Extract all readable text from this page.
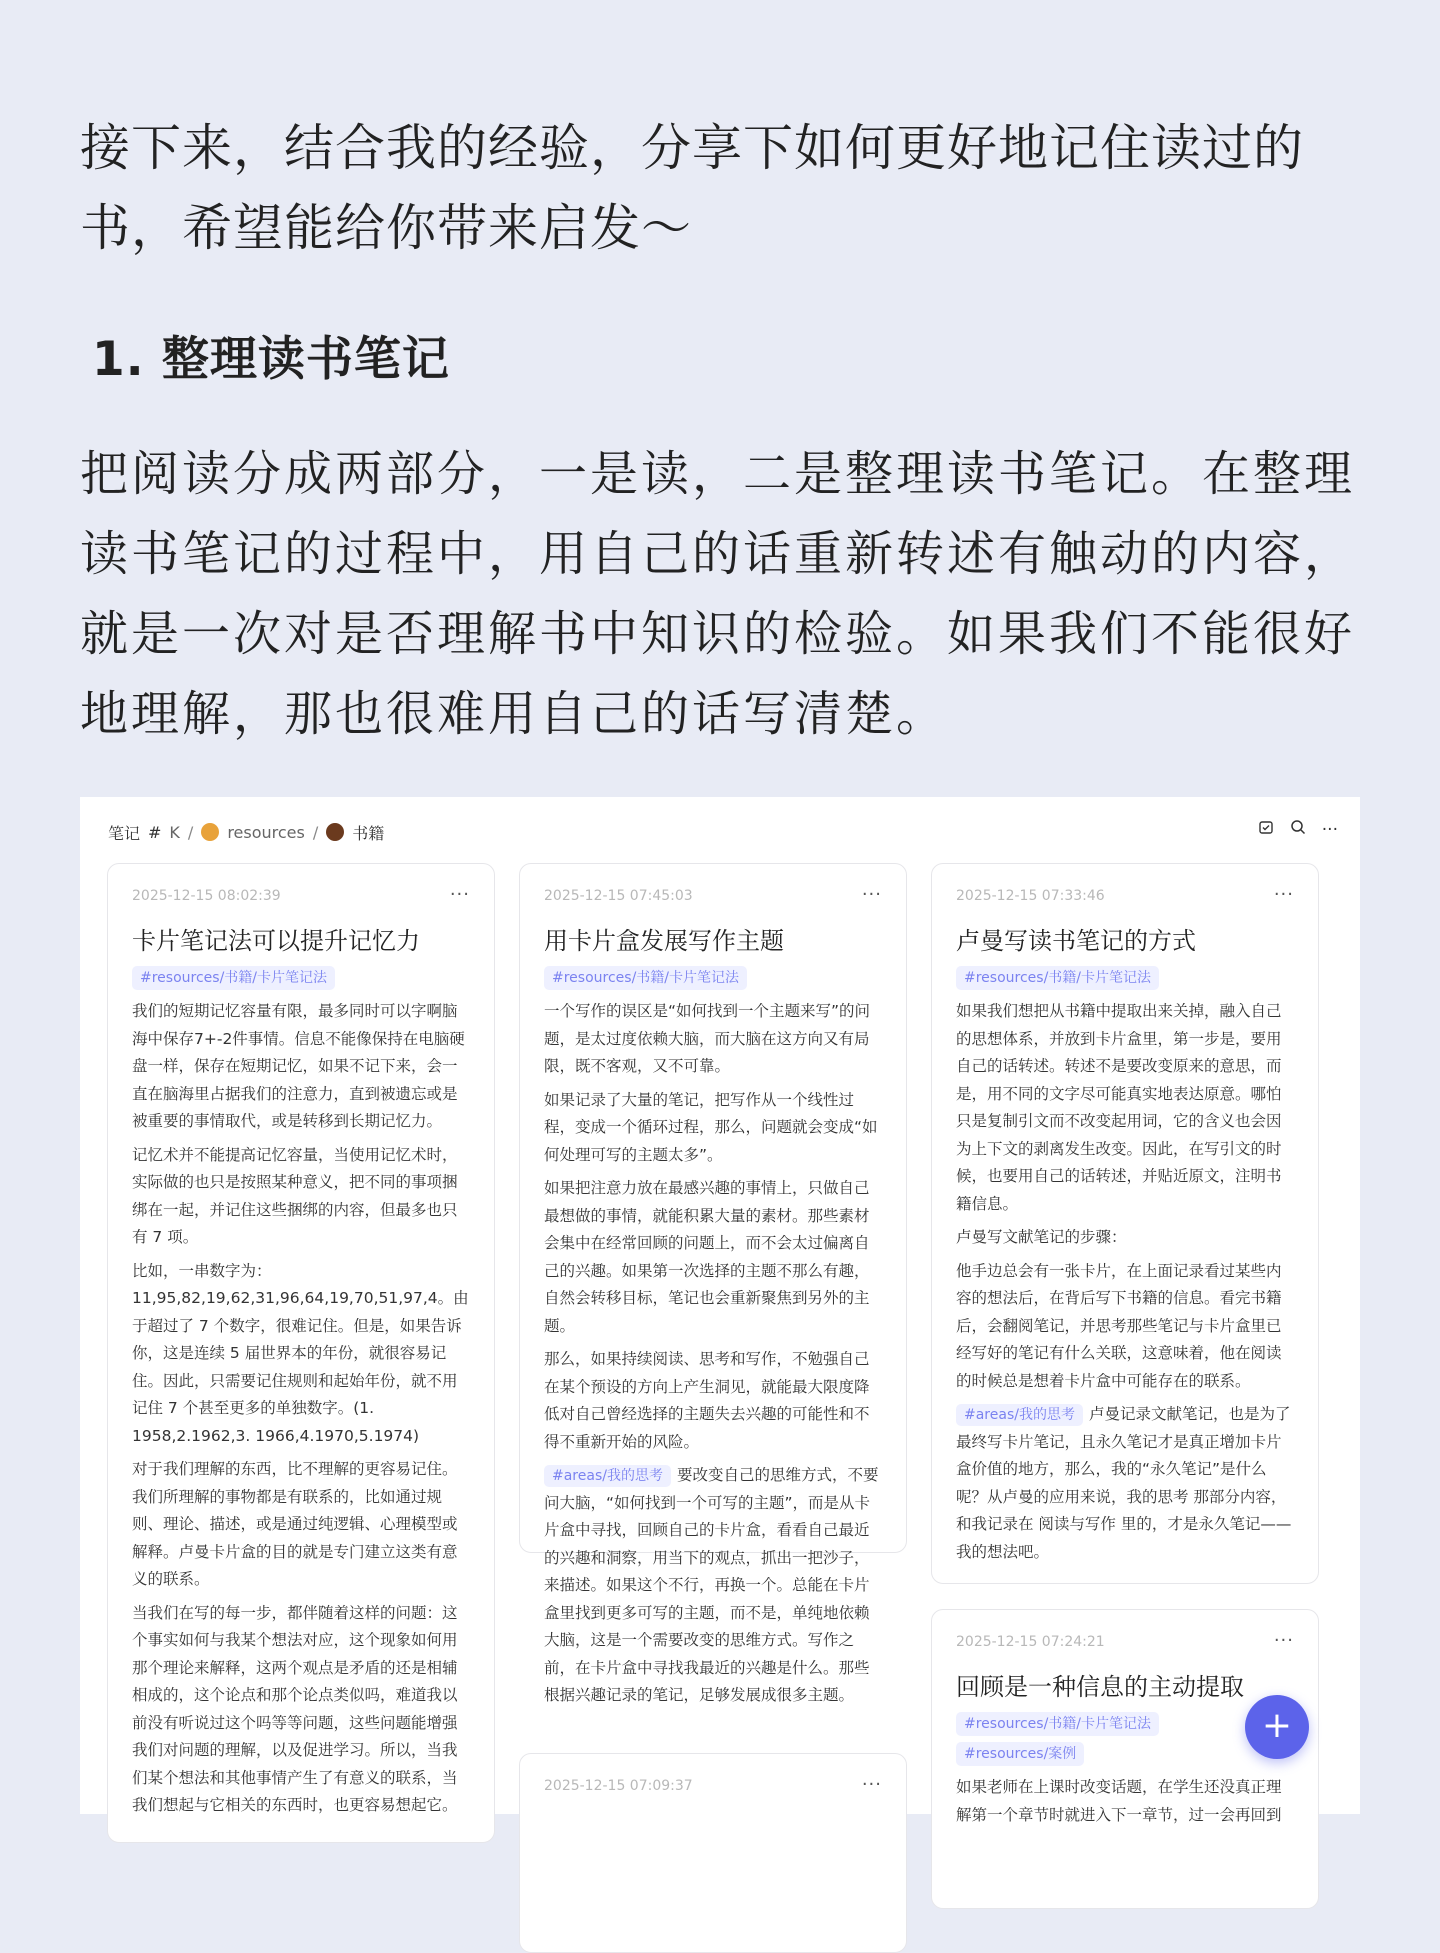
接下来，结合我的经验，分享下如何更好地记住读过的书，希望能给你带来启发～
1. 整理读书笔记
把阅读分成两部分，一是读，二是整理读书笔记。在整理读书笔记的过程中，用自己的话重新转述有触动的内容，就是一次对是否理解书中知识的检验。如果我们不能很好地理解，那也很难用自己的话写清楚。
笔记 # K / resources / 书籍	···
2025-12-15 08:02:39	···
卡片笔记法可以提升记忆力
#resources/书籍/卡片笔记法

我们的短期记忆容量有限，最多同时可以字啊脑海中保存7+-2件事情。信息不能像保持在电脑硬盘一样，保存在短期记忆，如果不记下来，会一直在脑海里占据我们的注意力，直到被遗忘或是被重要的事情取代，或是转移到长期记忆力。

记忆术并不能提高记忆容量，当使用记忆术时，实际做的也只是按照某种意义，把不同的事项捆绑在一起，并记住这些捆绑的内容，但最多也只有 7 项。

比如，一串数字为：11,95,82,19,62,31,96,64,19,70,51,97,4。由于超过了 7 个数字，很难记住。但是，如果告诉你，这是连续 5 届世界本的年份，就很容易记住。因此，只需要记住规则和起始年份，就不用记住 7 个甚至更多的单独数字。(1. 1958,2.1962,3. 1966,4.1970,5.1974)

对于我们理解的东西，比不理解的更容易记住。我们所理解的事物都是有联系的，比如通过规则、理论、描述，或是通过纯逻辑、心理模型或解释。卢曼卡片盒的目的就是专门建立这类有意义的联系。

当我们在写的每一步，都伴随着这样的问题：这个事实如何与我某个想法对应，这个现象如何用那个理论来解释，这两个观点是矛盾的还是相辅相成的，这个论点和那个论点类似吗，难道我以前没有听说过这个吗等等问题，这些问题能增强我们对问题的理解，以及促进学习。所以，当我们某个想法和其他事情产生了有意义的联系，当我们想起与它相关的东西时，也更容易想起它。

2025-12-15 07:45:03	···
用卡片盒发展写作主题
#resources/书籍/卡片笔记法

一个写作的误区是“如何找到一个主题来写”的问题，是太过度依赖大脑，而大脑在这方向又有局限，既不客观，又不可靠。

如果记录了大量的笔记，把写作从一个线性过程，变成一个循环过程，那么，问题就会变成“如何处理可写的主题太多”。

如果把注意力放在最感兴趣的事情上，只做自己最想做的事情，就能积累大量的素材。那些素材会集中在经常回顾的问题上，而不会太过偏离自己的兴趣。如果第一次选择的主题不那么有趣，自然会转移目标，笔记也会重新聚焦到另外的主题。

那么，如果持续阅读、思考和写作，不勉强自己在某个预设的方向上产生洞见，就能最大限度降低对自己曾经选择的主题失去兴趣的可能性和不得不重新开始的风险。

#areas/我的思考 要改变自己的思维方式，不要问大脑，“如何找到一个可写的主题”，而是从卡片盒中寻找，回顾自己的卡片盒，看看自己最近的兴趣和洞察，用当下的观点，抓出一把沙子，来描述。如果这个不行，再换一个。总能在卡片盒里找到更多可写的主题，而不是，单纯地依赖大脑，这是一个需要改变的思维方式。写作之前，在卡片盒中寻找我最近的兴趣是什么。那些根据兴趣记录的笔记，足够发展成很多主题。

2025-12-15 07:09:37	···
2025-12-15 07:33:46	···
卢曼写读书笔记的方式
#resources/书籍/卡片笔记法

如果我们想把从书籍中提取出来关掉，融入自己的思想体系，并放到卡片盒里，第一步是，要用自己的话转述。转述不是要改变原来的意思，而是，用不同的文字尽可能真实地表达原意。哪怕只是复制引文而不改变起用词，它的含义也会因为上下文的剥离发生改变。因此，在写引文的时候，也要用自己的话转述，并贴近原文，注明书籍信息。

卢曼写文献笔记的步骤：

他手边总会有一张卡片，在上面记录看过某些内容的想法后，在背后写下书籍的信息。看完书籍后，会翻阅笔记，并思考那些笔记与卡片盒里已经写好的笔记有什么关联，这意味着，他在阅读的时候总是想着卡片盒中可能存在的联系。

#areas/我的思考 卢曼记录文献笔记，也是为了最终写卡片笔记，且永久笔记才是真正增加卡片盒价值的地方，那么，我的“永久笔记”是什么呢？从卢曼的应用来说，我的思考 那部分内容，和我记录在 阅读与写作 里的，才是永久笔记——我的想法吧。

2025-12-15 07:24:21	···
回顾是一种信息的主动提取
#resources/书籍/卡片笔记法
#resources/案例

如果老师在上课时改变话题，在学生还没真正理解第一个章节时就进入下一章节，过一会再回到

+
